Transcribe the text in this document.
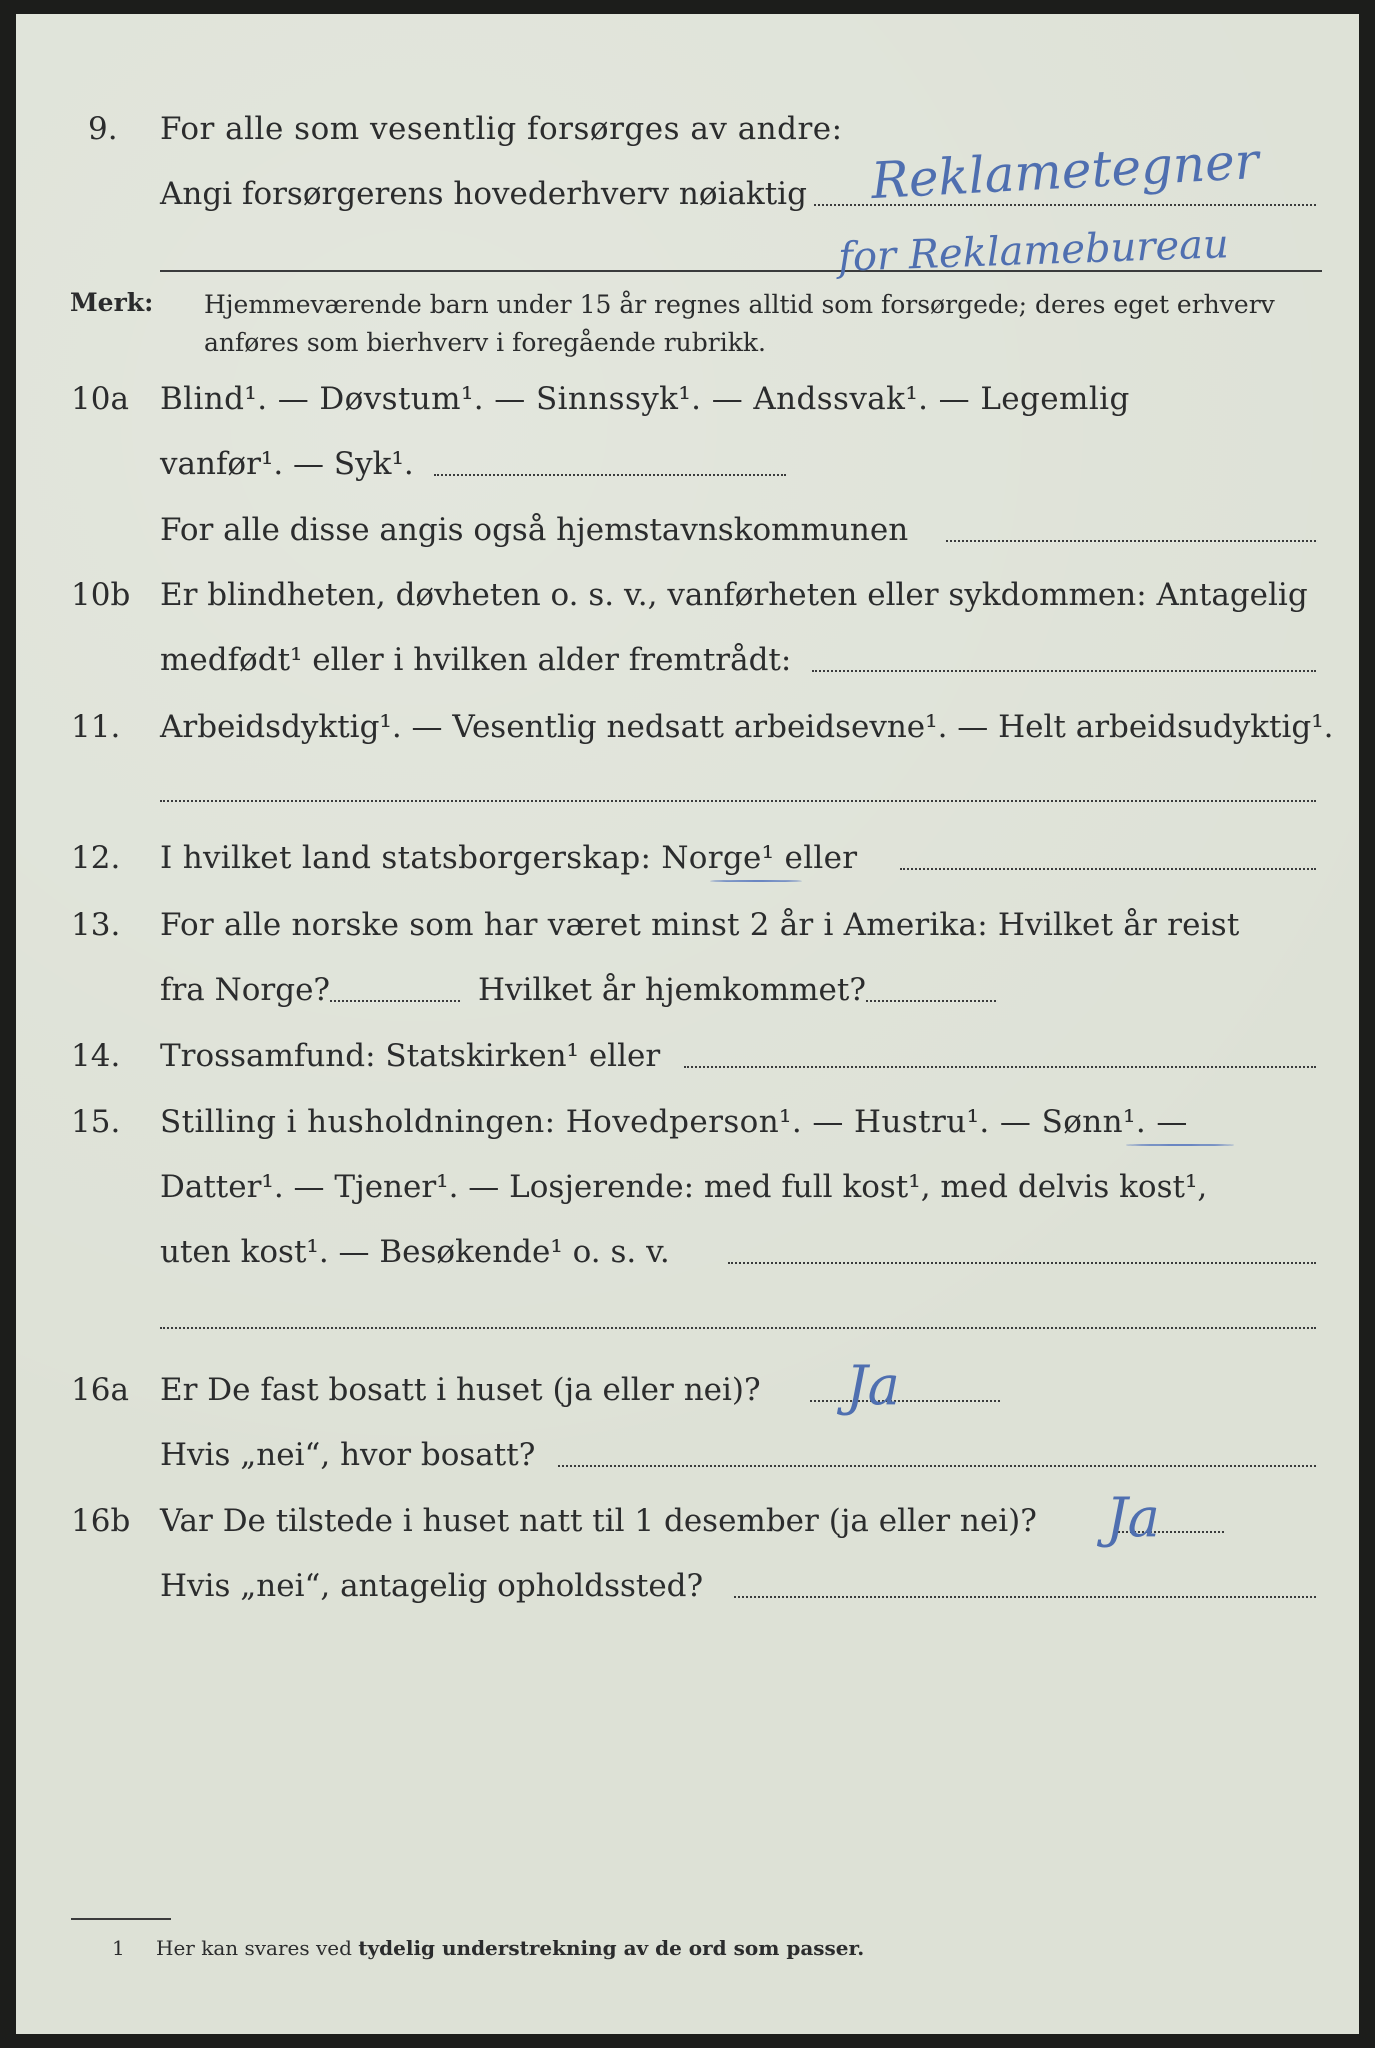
9. For alle som vesentlig forsørges av andre:
Angi forsørgerens hovederhverv nøiaktig Reklametegner
for Reklamebureau
Merk: Hjemmeværende barn under 15 år regnes alltid som forsørgede; deres eget erhverv
anføres som bierhverv i foregående rubrikk.
10a Blind¹. — Døvstum¹. — Sinnssyk¹. — Andssvak¹. — Legemlig
vanfør¹. — Syk¹.
For alle disse angis også hjemstavnskommunen
10b Er blindheten, døvheten o. s. v., vanførheten eller sykdommen: Antagelig
medfødt¹ eller i hvilken alder fremtrådt:
11. Arbeidsdyktig¹. — Vesentlig nedsatt arbeidsevne¹. — Helt arbeidsudyktig¹.
12. I hvilket land statsborgerskap: Norge¹ eller
13. For alle norske som har været minst 2 år i Amerika: Hvilket år reist
fra Norge?	Hvilket år hjemkommet?
14. Trossamfund: Statskirken¹ eller
15. Stilling i husholdningen: Hovedperson¹. — Hustru¹. — Sønn¹. —
Datter¹. — Tjener¹. — Losjerende: med full kost¹, med delvis kost¹,
uten kost¹. — Besøkende¹ o. s. v.
16a Er De fast bosatt i huset (ja eller nei)? Ja
Hvis „nei“, hvor bosatt?
16b Var De tilstede i huset natt til 1 desember (ja eller nei)? Ja
Hvis „nei“, antagelig opholdssted?
1 Her kan svares ved tydelig understrekning av de ord som passer.
